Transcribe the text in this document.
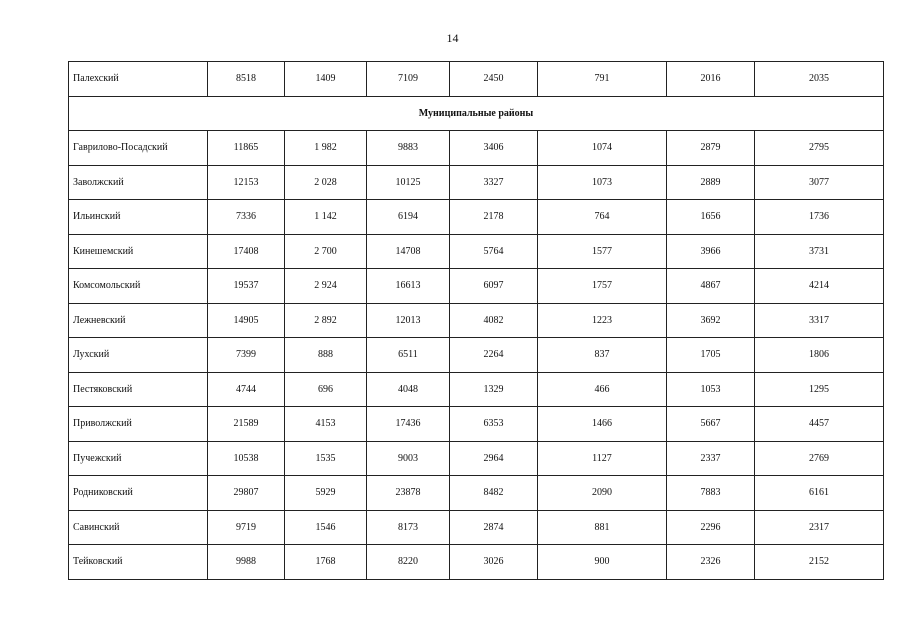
14
Палехский	8518	1409	7109	2450	791	2016	2035
Муниципальные районы							
Гаврилово-Посадский	11865	1 982	9883	3406	1074	2879	2795
Заволжский	12153	2 028	10125	3327	1073	2889	3077
Ильинский	7336	1 142	6194	2178	764	1656	1736
Кинешемский	17408	2 700	14708	5764	1577	3966	3731
Комсомольский	19537	2 924	16613	6097	1757	4867	4214
Лежневский	14905	2 892	12013	4082	1223	3692	3317
Лухский	7399	888	6511	2264	837	1705	1806
Пестяковский	4744	696	4048	1329	466	1053	1295
Приволжский	21589	4153	17436	6353	1466	5667	4457
Пучежский	10538	1535	9003	2964	1127	2337	2769
Родниковский	29807	5929	23878	8482	2090	7883	6161
Савинский	9719	1546	8173	2874	881	2296	2317
Тейковский	9988	1768	8220	3026	900	2326	2152
